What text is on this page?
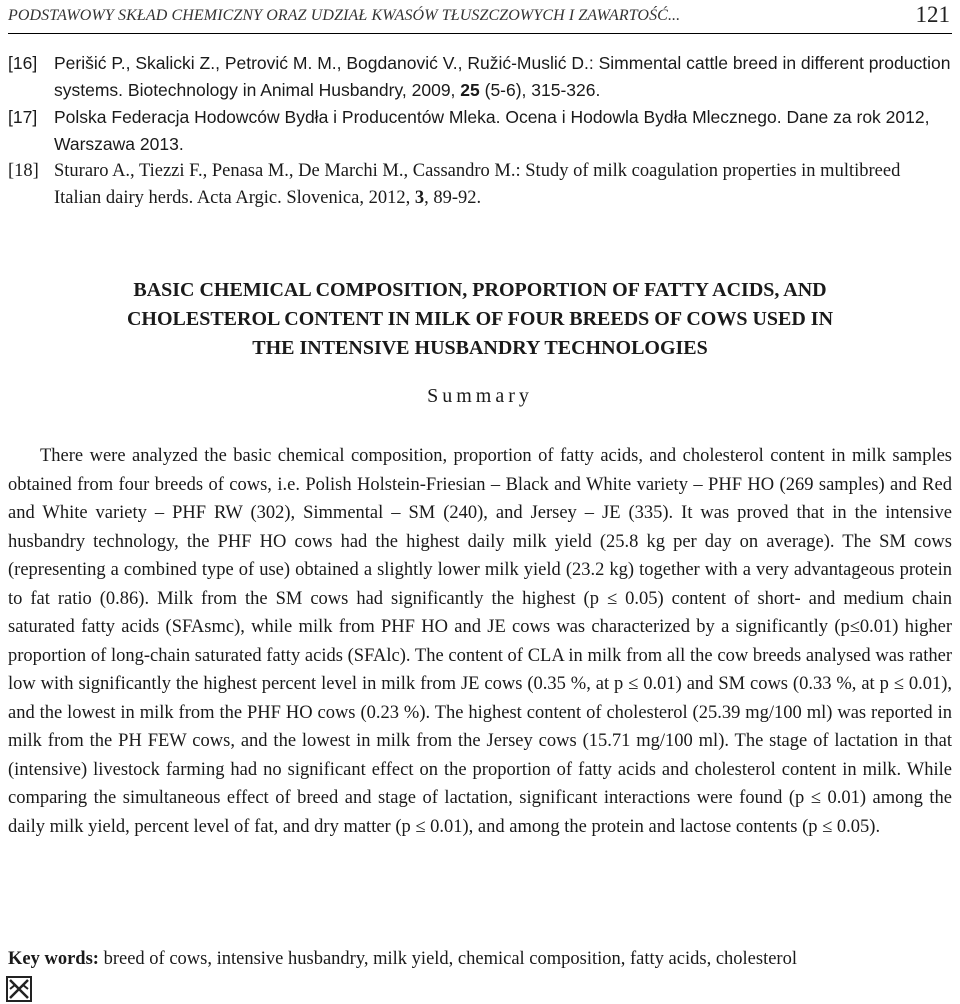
PODSTAWOWY SKŁAD CHEMICZNY ORAZ UDZIAŁ KWASÓW TŁUSZCZOWYCH I ZAWARTOŚĆ...	121

[16] Perišić P., Skalicki Z., Petrović M. M., Bogdanović V., Ružić-Muslić D.: Simmental cattle breed in different production systems. Biotechnology in Animal Husbandry, 2009, 25 (5-6), 315-326.

[17] Polska Federacja Hodowców Bydła i Producentów Mleka. Ocena i Hodowla Bydła Mlecznego. Dane za rok 2012, Warszawa 2013.

[18] Sturaro A., Tiezzi F., Penasa M., De Marchi M., Cassandro M.: Study of milk coagulation properties in multibreed Italian dairy herds. Acta Argic. Slovenica, 2012, 3, 89-92.

BASIC CHEMICAL COMPOSITION, PROPORTION OF FATTY ACIDS, AND
CHOLESTEROL CONTENT IN MILK OF FOUR BREEDS OF COWS USED IN
THE INTENSIVE HUSBANDRY TECHNOLOGIES
Summary

There were analyzed the basic chemical composition, proportion of fatty acids, and cholesterol content in milk samples obtained from four breeds of cows, i.e. Polish Holstein-Friesian – Black and White variety – PHF HO (269 samples) and Red and White variety – PHF RW (302), Simmental – SM (240), and Jersey – JE (335). It was proved that in the intensive husbandry technology, the PHF HO cows had the highest daily milk yield (25.8 kg per day on average). The SM cows (representing a combined type of use) obtained a slightly lower milk yield (23.2 kg) together with a very advantageous protein to fat ratio (0.86). Milk from the SM cows had significantly the highest (p ≤ 0.05) content of short- and medium chain saturated fatty acids (SFAsmc), while milk from PHF HO and JE cows was characterized by a significantly (p≤0.01) higher proportion of long-chain saturated fatty acids (SFAlc). The content of CLA in milk from all the cow breeds analysed was rather low with significantly the highest percent level in milk from JE cows (0.35 %, at p ≤ 0.01) and SM cows (0.33 %, at p ≤ 0.01), and the lowest in milk from the PHF HO cows (0.23 %). The highest content of cholesterol (25.39 mg/100 ml) was reported in milk from the PH FEW cows, and the lowest in milk from the Jersey cows (15.71 mg/100 ml). The stage of lactation in that (intensive) livestock farming had no significant effect on the proportion of fatty acids and cholesterol content in milk. While comparing the simultaneous effect of breed and stage of lactation, significant interactions were found (p ≤ 0.01) among the daily milk yield, percent level of fat, and dry matter (p ≤ 0.01), and among the protein and lactose contents (p ≤ 0.05).

Key words: breed of cows, intensive husbandry, milk yield, chemical composition, fatty acids, cholesterol
